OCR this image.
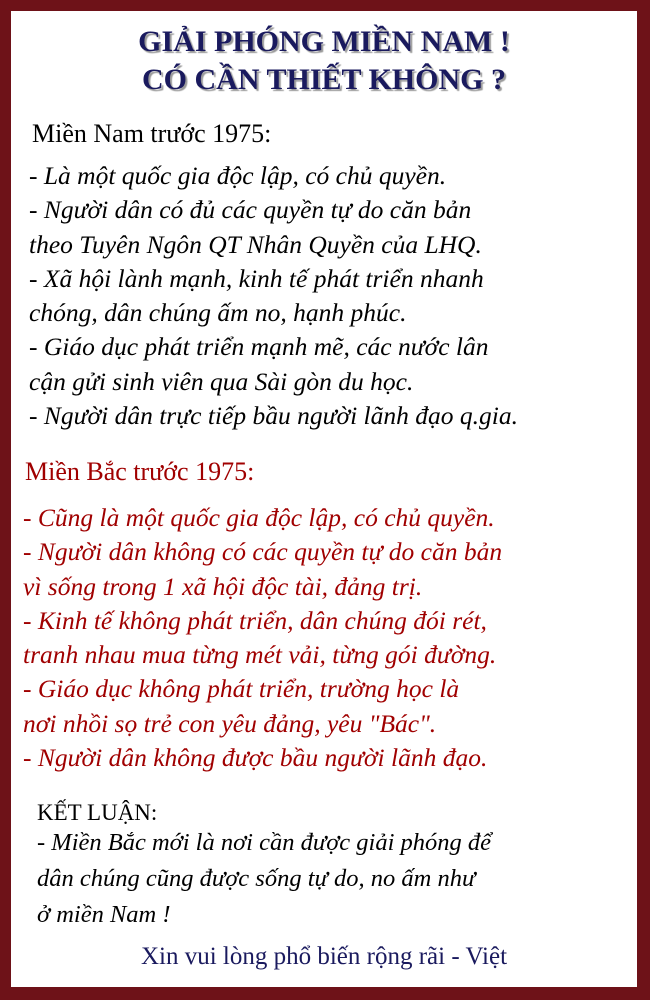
GIẢI PHÓNG MIỀN NAM !
CÓ CẦN THIẾT KHÔNG ?
Miền Nam trước 1975:
- Là một quốc gia độc lập, có chủ quyền.
- Người dân có đủ các quyền tự do căn bản
theo Tuyên Ngôn QT Nhân Quyền của LHQ.
- Xã hội lành mạnh, kinh tế phát triển nhanh
chóng, dân chúng ấm no, hạnh phúc.
- Giáo dục phát triển mạnh mẽ, các nước lân
cận gửi sinh viên qua Sài gòn du học.
- Người dân trực tiếp bầu người lãnh đạo q.gia.
Miền Bắc trước 1975:
- Cũng là một quốc gia độc lập, có chủ quyền.
- Người dân không có các quyền tự do căn bản
vì sống trong 1 xã hội độc tài, đảng trị.
- Kinh tế không phát triển, dân chúng đói rét,
tranh nhau mua từng mét vải, từng gói đường.
- Giáo dục không phát triển, trường học là
nơi nhồi sọ trẻ con yêu đảng, yêu "Bác".
- Người dân không được bầu người lãnh đạo.
KẾT LUẬN:
- Miền Bắc mới là nơi cần được giải phóng để
dân chúng cũng được sống tự do, no ấm như
ở miền Nam !
Xin vui lòng phổ biến rộng rãi - Việt
